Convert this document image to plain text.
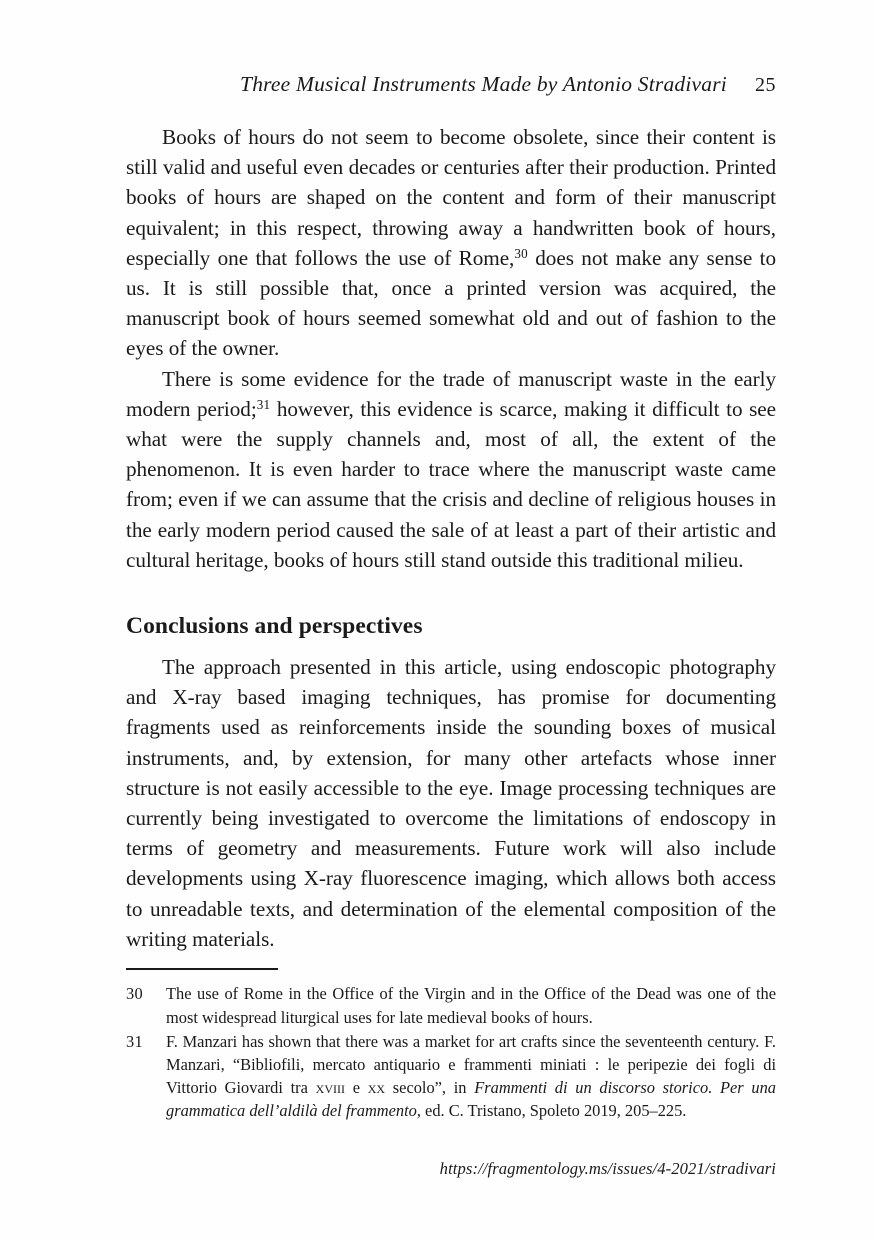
Three Musical Instruments Made by Antonio Stradivari 25

Books of hours do not seem to become obsolete, since their content is still valid and useful even decades or centuries after their production. Printed books of hours are shaped on the content and form of their manuscript equivalent; in this respect, throwing away a handwritten book of hours, especially one that follows the use of Rome,$^{30}$ does not make any sense to us. It is still possible that, once a printed version was acquired, the manuscript book of hours seemed somewhat old and out of fashion to the eyes of the owner.

There is some evidence for the trade of manuscript waste in the early modern period;$^{31}$ however, this evidence is scarce, making it difficult to see what were the supply channels and, most of all, the extent of the phenomenon. It is even harder to trace where the manuscript waste came from; even if we can assume that the crisis and decline of religious houses in the early modern period caused the sale of at least a part of their artistic and cultural heritage, books of hours still stand outside this traditional milieu.

Conclusions and perspectives

The approach presented in this article, using endoscopic photography and X-ray based imaging techniques, has promise for documenting fragments used as reinforcements inside the sounding boxes of musical instruments, and, by extension, for many other artefacts whose inner structure is not easily accessible to the eye. Image processing techniques are currently being investigated to overcome the limitations of endoscopy in terms of geometry and measurements. Future work will also include developments using X-ray fluorescence imaging, which allows both access to unreadable texts, and determination of the elemental composition of the writing materials.

30	The use of Rome in the Office of the Virgin and in the Office of the Dead was one of the most widespread liturgical uses for late medieval books of hours.
31	F. Manzari has shown that there was a market for art crafts since the seventeenth century. F. Manzari, “Bibliofili, mercato antiquario e frammenti miniati : le peripezie dei fogli di Vittorio Giovardi tra xviii e xx secolo”, in Frammenti di un discorso storico. Per una grammatica dell’aldilà del frammento, ed. C. Tristano, Spoleto 2019, 205–225.
https://fragmentology.ms/issues/4-2021/stradivari
